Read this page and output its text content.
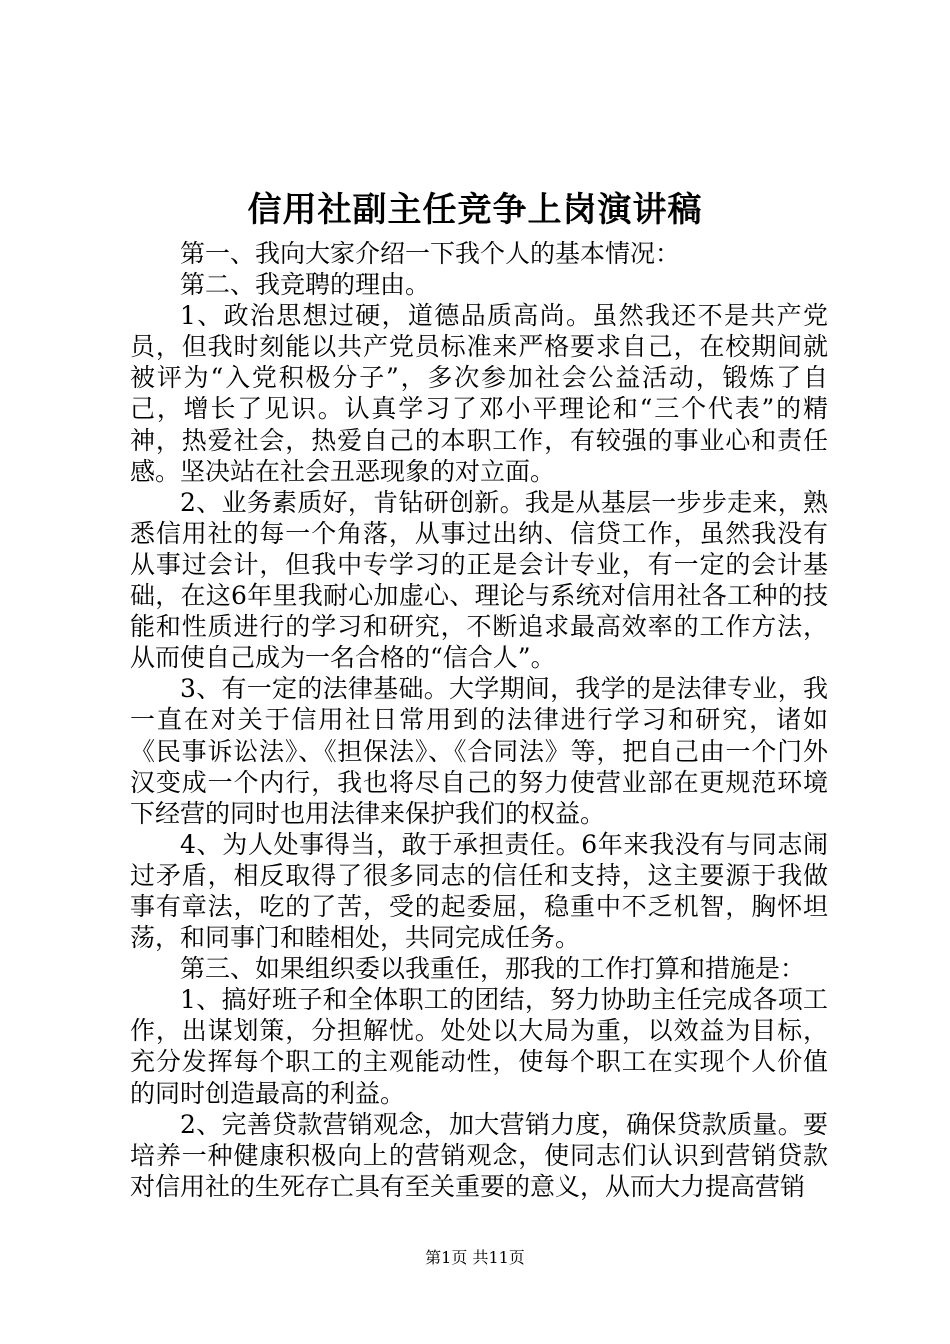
信用社副主任竞争上岗演讲稿

第一、我向大家介绍一下我个人的基本情况：

第二、我竞聘的理由。

1、政治思想过硬，道德品质高尚。虽然我还不是共产党员，但我时刻能以共产党员标准来严格要求自己，在校期间就被评为“入党积极分子”，多次参加社会公益活动，锻炼了自己，增长了见识。认真学习了邓小平理论和“三个代表”的精神，热爱社会，热爱自己的本职工作，有较强的事业心和责任感。坚决站在社会丑恶现象的对立面。

2、业务素质好，肯钻研创新。我是从基层一步步走来，熟悉信用社的每一个角落，从事过出纳、信贷工作，虽然我没有从事过会计，但我中专学习的正是会计专业，有一定的会计基础，在这6年里我耐心加虚心、理论与系统对信用社各工种的技能和性质进行的学习和研究，不断追求最高效率的工作方法，从而使自己成为一名合格的“信合人”。

3、有一定的法律基础。大学期间，我学的是法律专业，我一直在对关于信用社日常用到的法律进行学习和研究，诸如《民事诉讼法》、《担保法》、《合同法》等，把自己由一个门外汉变成一个内行，我也将尽自己的努力使营业部在更规范环境下经营的同时也用法律来保护我们的权益。

4、为人处事得当，敢于承担责任。6年来我没有与同志闹过矛盾，相反取得了很多同志的信任和支持，这主要源于我做事有章法，吃的了苦，受的起委屈，稳重中不乏机智，胸怀坦荡，和同事门和睦相处，共同完成任务。

第三、如果组织委以我重任，那我的工作打算和措施是：

1、搞好班子和全体职工的团结，努力协助主任完成各项工作，出谋划策，分担解忧。处处以大局为重，以效益为目标，充分发挥每个职工的主观能动性，使每个职工在实现个人价值的同时创造最高的利益。

2、完善贷款营销观念，加大营销力度，确保贷款质量。要培养一种健康积极向上的营销观念，使同志们认识到营销贷款对信用社的生死存亡具有至关重要的意义，从而大力提高营销

第1页 共11页
